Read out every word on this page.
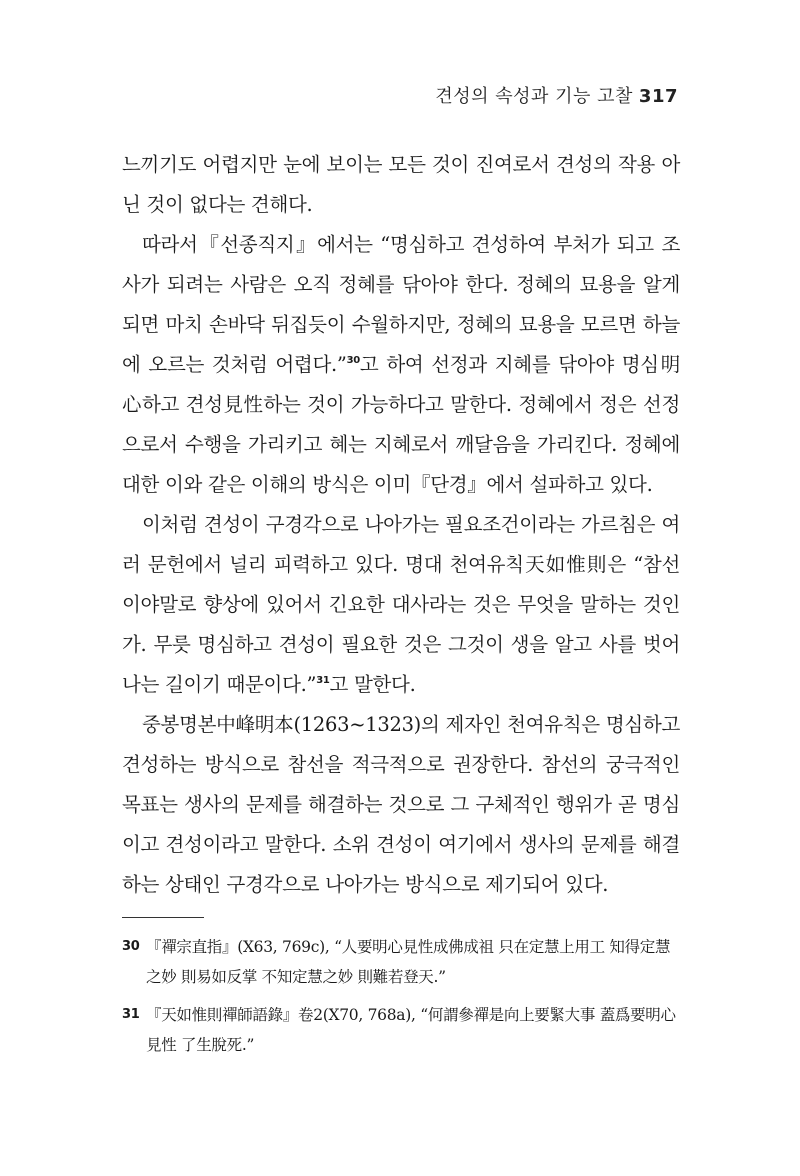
견성의 속성과 기능 고찰 317

느끼기도 어렵지만 눈에 보이는 모든 것이 진여로서 견성의 작용 아닌 것이 없다는 견해다.

따라서『선종직지』에서는 “명심하고 견성하여 부처가 되고 조사가 되려는 사람은 오직 정혜를 닦아야 한다. 정혜의 묘용을 알게 되면 마치 손바닥 뒤집듯이 수월하지만, 정혜의 묘용을 모르면 하늘에 오르는 것처럼 어렵다.”$^{30}$고 하여 선정과 지혜를 닦아야 명심明心하고 견성見性하는 것이 가능하다고 말한다. 정혜에서 정은 선정으로서 수행을 가리키고 혜는 지혜로서 깨달음을 가리킨다. 정혜에 대한 이와 같은 이해의 방식은 이미『단경』에서 설파하고 있다.

이처럼 견성이 구경각으로 나아가는 필요조건이라는 가르침은 여러 문헌에서 널리 피력하고 있다. 명대 천여유칙天如惟則은 “참선이야말로 향상에 있어서 긴요한 대사라는 것은 무엇을 말하는 것인가. 무릇 명심하고 견성이 필요한 것은 그것이 생을 알고 사를 벗어나는 길이기 때문이다.”$^{31}$고 말한다.

중봉명본中峰明本(1263~1323)의 제자인 천여유칙은 명심하고 견성하는 방식으로 참선을 적극적으로 권장한다. 참선의 궁극적인 목표는 생사의 문제를 해결하는 것으로 그 구체적인 행위가 곧 명심이고 견성이라고 말한다. 소위 견성이 여기에서 생사의 문제를 해결하는 상태인 구경각으로 나아가는 방식으로 제기되어 있다.

30 『禪宗直指』(X63, 769c), “人要明心見性成佛成祖 只在定慧上用工 知得定慧之妙 則易如反掌 不知定慧之妙 則難若登天.”
31 『天如惟則禪師語錄』卷2(X70, 768a), “何謂參禪是向上要緊大事 蓋爲要明心見性 了生脫死.”
